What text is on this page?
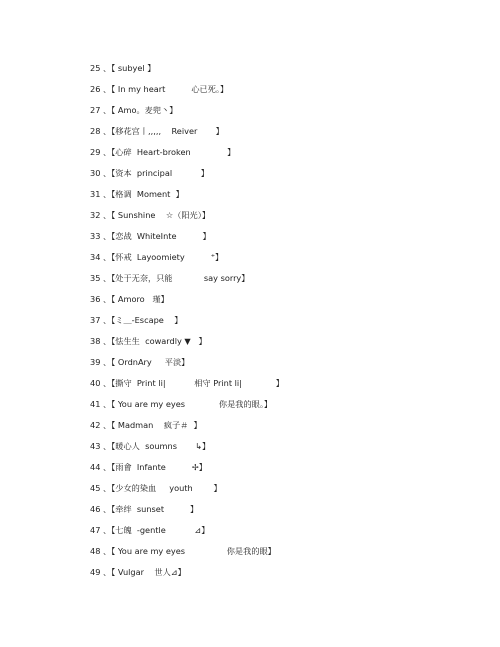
25 、【 subyel 】
26 、【 In my heart          心已死。】
27 、【 Amo。麦兜丶】
28 、【移花宫丨,,,,,    Reiver       】
29 、【心碎  Heart-broken              】
30 、【资本  principal           】
31 、【格调  Moment  】
32 、【 Sunshine    ☆（阳光）】
33 、【恋战  WhiteInte          】
34 、【怀戒  Layoomiety          ⁺】
35 、【处于无奈，只能            say sorry】
36 、【 Amoro   瑾】
37 、【ミ＿-Escape    】
38 、【怯生生  cowardly ▼   】
39 、【 OrdnAry     平淡】
40 、【撕守  Print li|           相守 Print li|             】
41 、【 You are my eyes             你是我的眼。】
42 、【 Madman    疯子＃  】
43 、【暖心人  soumns       ↳】
44 、【雨會  Infante          ✢】
45 、【少女的染血     youth        】
46 、【牵绊  sunset          】
47 、【七魄  -gentle           ⊿】
48 、【 You are my eyes                你是我的眼】
49 、【 Vulgar    世人⊿】
